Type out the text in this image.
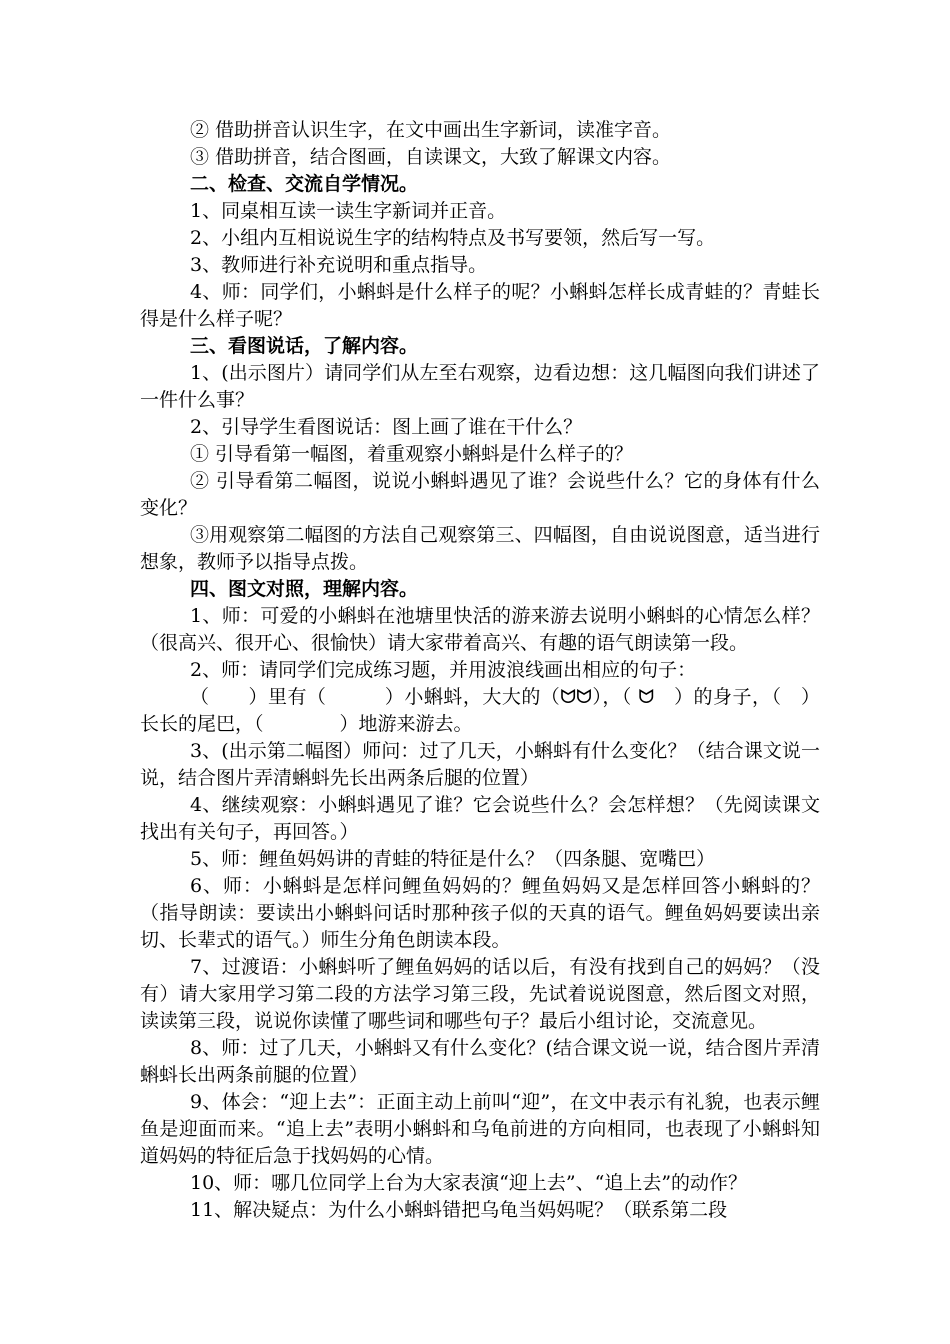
② 借助拼音认识生字，在文中画出生字新词，读准字音。

③ 借助拼音，结合图画，自读课文，大致了解课文内容。

二、检查、交流自学情况。

1、同桌相互读一读生字新词并正音。

2、小组内互相说说生字的结构特点及书写要领，然后写一写。

3、教师进行补充说明和重点指导。

4、师：同学们，小蝌蚪是什么样子的呢？小蝌蚪怎样长成青蛙的？青蛙长得是什么样子呢？

三、看图说话，了解内容。

1、(出示图片）请同学们从左至右观察，边看边想：这几幅图向我们讲述了一件什么事？

2、引导学生看图说话：图上画了谁在干什么？

① 引导看第一幅图，着重观察小蝌蚪是什么样子的？

② 引导看第二幅图，说说小蝌蚪遇见了谁？会说些什么？它的身体有什么变化？

③用观察第二幅图的方法自己观察第三、四幅图，自由说说图意，适当进行想象，教师予以指导点拨。

四、图文对照，理解内容。

1、师：可爱的小蝌蚪在池塘里快活的游来游去说明小蝌蚪的心情怎么样？（很高兴、很开心、很愉快）请大家带着高兴、有趣的语气朗读第一段。

2、师：请同学们完成练习题，并用波浪线画出相应的句子：

（　　）里有（　　　）小蝌蚪，大大的（ᗢᗢ），（ ᗢ　）的身子，（　）长长的尾巴，（　　　　）地游来游去。

3、(出示第二幅图）师问：过了几天，小蝌蚪有什么变化？（结合课文说一说，结合图片弄清蝌蚪先长出两条后腿的位置）

4、继续观察：小蝌蚪遇见了谁？它会说些什么？会怎样想？（先阅读课文找出有关句子，再回答。）

5、师：鲤鱼妈妈讲的青蛙的特征是什么？（四条腿、宽嘴巴）

6、师：小蝌蚪是怎样问鲤鱼妈妈的？鲤鱼妈妈又是怎样回答小蝌蚪的？（指导朗读：要读出小蝌蚪问话时那种孩子似的天真的语气。鲤鱼妈妈要读出亲切、长辈式的语气。）师生分角色朗读本段。

7、过渡语：小蝌蚪听了鲤鱼妈妈的话以后，有没有找到自己的妈妈？（没有）请大家用学习第二段的方法学习第三段，先试着说说图意，然后图文对照，读读第三段，说说你读懂了哪些词和哪些句子？最后小组讨论，交流意见。

8、师：过了几天，小蝌蚪又有什么变化？(结合课文说一说，结合图片弄清蝌蚪长出两条前腿的位置）

9、体会：“迎上去”：正面主动上前叫“迎”，在文中表示有礼貌，也表示鲤鱼是迎面而来。“追上去”表明小蝌蚪和乌龟前进的方向相同，也表现了小蝌蚪知道妈妈的特征后急于找妈妈的心情。

10、师：哪几位同学上台为大家表演“迎上去”、“追上去”的动作？

11、解决疑点：为什么小蝌蚪错把乌龟当妈妈呢？（联系第二段
